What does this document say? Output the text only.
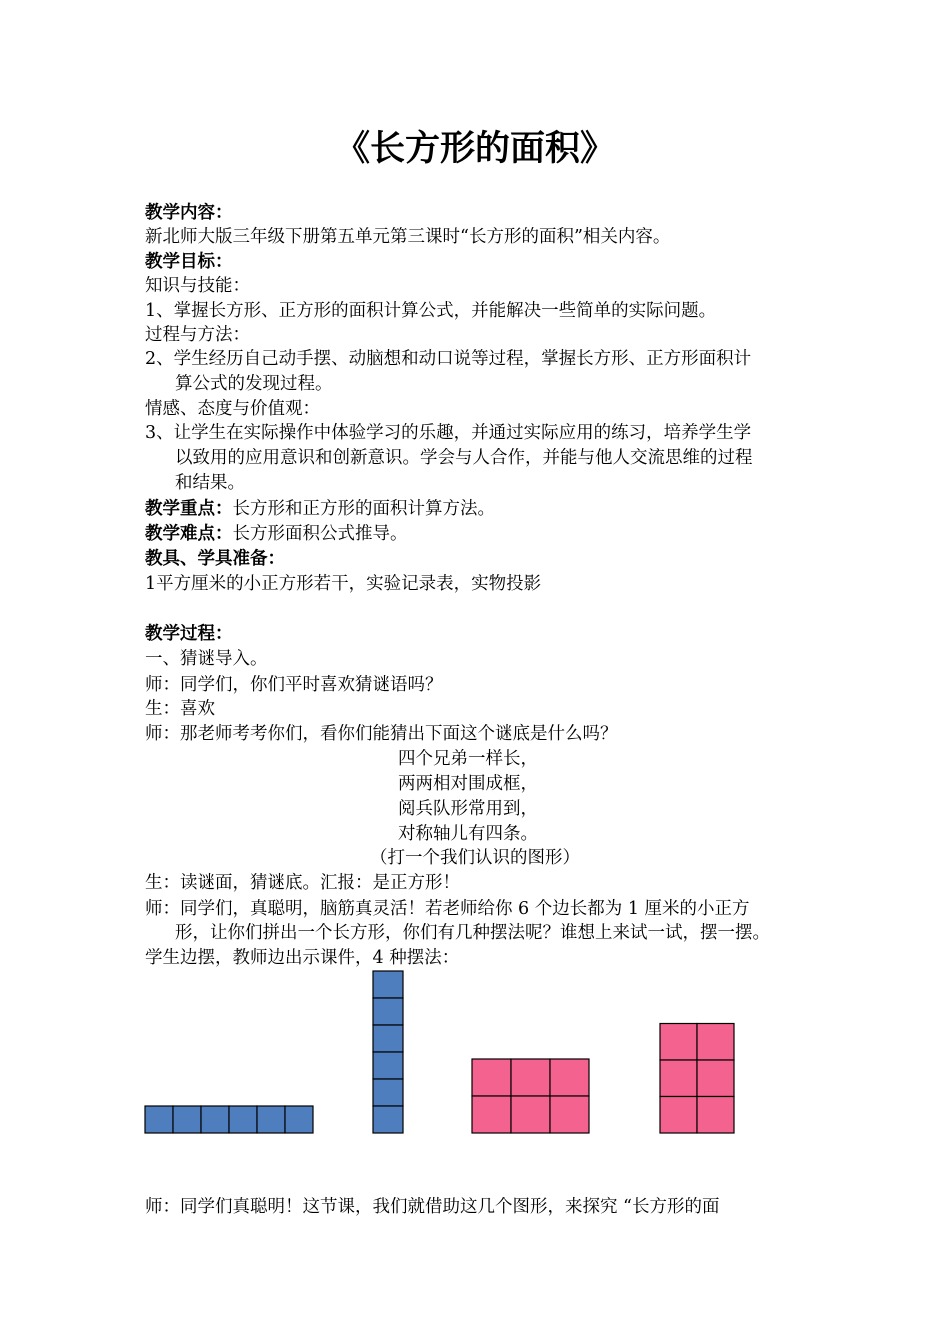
《长方形的面积》
教学内容：
新北师大版三年级下册第五单元第三课时“长方形的面积”相关内容。
教学目标：
知识与技能：
1、掌握长方形、正方形的面积计算公式，并能解决一些简单的实际问题。
过程与方法：
2、学生经历自己动手摆、动脑想和动口说等过程，掌握长方形、正方形面积计
算公式的发现过程。
情感、态度与价值观：
3、让学生在实际操作中体验学习的乐趣，并通过实际应用的练习，培养学生学
以致用的应用意识和创新意识。学会与人合作，并能与他人交流思维的过程
和结果。
教学重点：长方形和正方形的面积计算方法。
教学难点：长方形面积公式推导。
教具、学具准备：
1平方厘米的小正方形若干，实验记录表，实物投影
教学过程：
一、猜谜导入。
师：同学们，你们平时喜欢猜谜语吗？
生：喜欢
师：那老师考考你们，看你们能猜出下面这个谜底是什么吗？
四个兄弟一样长，
两两相对围成框，
阅兵队形常用到，
对称轴儿有四条。
（打一个我们认识的图形）
生：读谜面，猜谜底。汇报：是正方形！
师：同学们，真聪明，脑筋真灵活！若老师给你 6 个边长都为 1 厘米的小正方
形，让你们拼出一个长方形，你们有几种摆法呢？谁想上来试一试，摆一摆。
学生边摆，教师边出示课件，4 种摆法：
师：同学们真聪明！这节课，我们就借助这几个图形，来探究 “长方形的面
